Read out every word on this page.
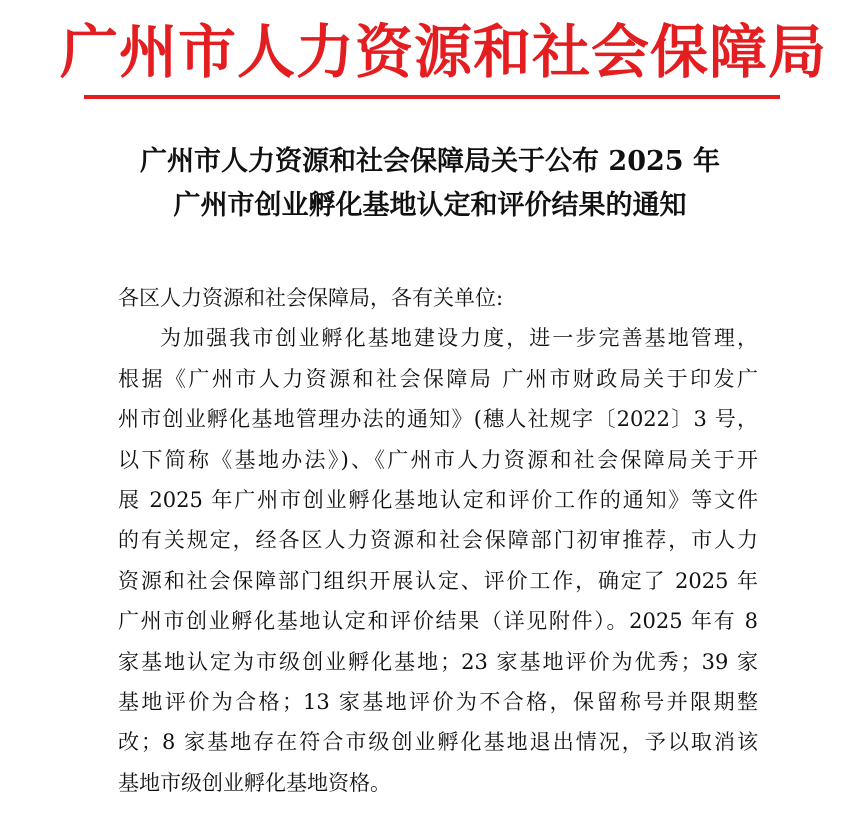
广州市人力资源和社会保障局
广州市人力资源和社会保障局关于公布 2025 年
广州市创业孵化基地认定和评价结果的通知
各区人力资源和社会保障局，各有关单位:
为加强我市创业孵化基地建设力度，进一步完善基地管理，
根据《广州市人力资源和社会保障局 广州市财政局关于印发广
州市创业孵化基地管理办法的通知》(穗人社规字〔2022〕3 号，
以下简称《基地办法》)、《广州市人力资源和社会保障局关于开
展 2025 年广州市创业孵化基地认定和评价工作的通知》等文件
的有关规定，经各区人力资源和社会保障部门初审推荐，市人力
资源和社会保障部门组织开展认定、评价工作，确定了 2025 年
广州市创业孵化基地认定和评价结果（详见附件）。2025 年有 8
家基地认定为市级创业孵化基地；23 家基地评价为优秀；39 家
基地评价为合格；13 家基地评价为不合格，保留称号并限期整
改；8 家基地存在符合市级创业孵化基地退出情况，予以取消该
基地市级创业孵化基地资格。
